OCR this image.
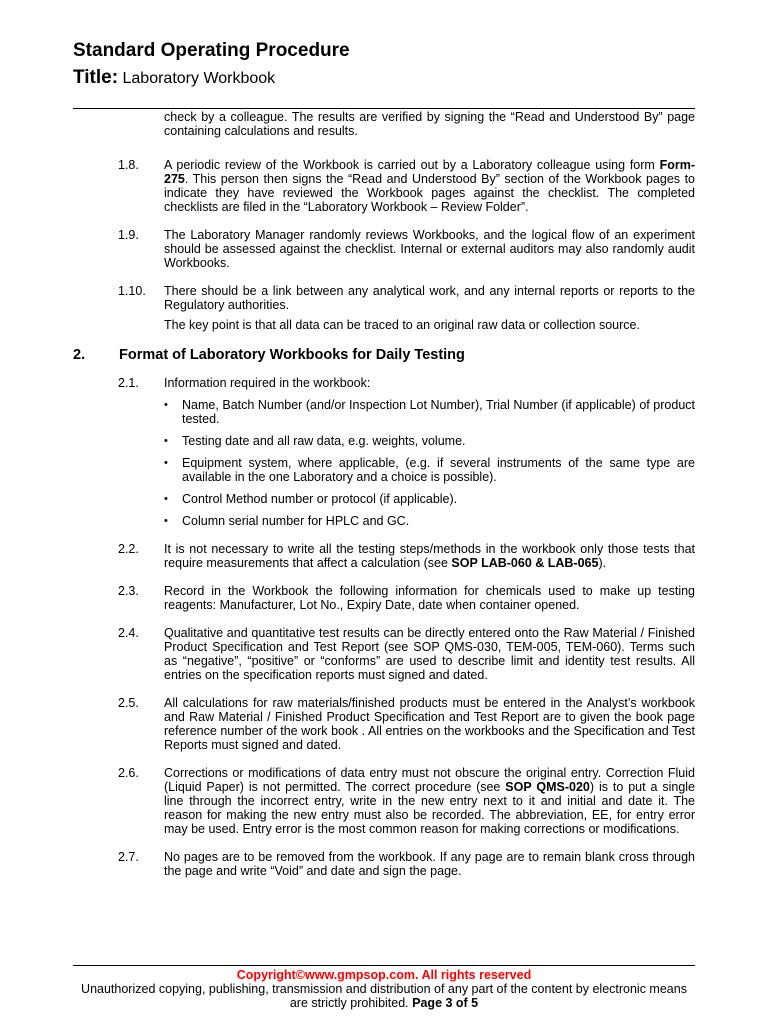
Standard Operating Procedure
Title: Laboratory Workbook
check by a colleague. The results are verified by signing the “Read and Understood By” page containing calculations and results.
1.8. A periodic review of the Workbook is carried out by a Laboratory colleague using form Form-275. This person then signs the “Read and Understood By” section of the Workbook pages to indicate they have reviewed the Workbook pages against the checklist. The completed checklists are filed in the “Laboratory Workbook – Review Folder”.
1.9. The Laboratory Manager randomly reviews Workbooks, and the logical flow of an experiment should be assessed against the checklist. Internal or external auditors may also randomly audit Workbooks.
1.10. There should be a link between any analytical work, and any internal reports or reports to the Regulatory authorities.
The key point is that all data can be traced to an original raw data or collection source.
2. Format of Laboratory Workbooks for Daily Testing
2.1. Information required in the workbook:
• Name, Batch Number (and/or Inspection Lot Number), Trial Number (if applicable) of product tested.
• Testing date and all raw data, e.g. weights, volume.
• Equipment system, where applicable, (e.g. if several instruments of the same type are available in the one Laboratory and a choice is possible).
• Control Method number or protocol (if applicable).
• Column serial number for HPLC and GC.
2.2. It is not necessary to write all the testing steps/methods in the workbook only those tests that require measurements that affect a calculation (see SOP LAB-060 & LAB-065).
2.3. Record in the Workbook the following information for chemicals used to make up testing reagents: Manufacturer, Lot No., Expiry Date, date when container opened.
2.4. Qualitative and quantitative test results can be directly entered onto the Raw Material / Finished Product Specification and Test Report (see SOP QMS-030, TEM-005, TEM-060). Terms such as “negative”, “positive” or “conforms” are used to describe limit and identity test results. All entries on the specification reports must signed and dated.
2.5. All calculations for raw materials/finished products must be entered in the Analyst’s workbook and Raw Material / Finished Product Specification and Test Report are to given the book page reference number of the work book . All entries on the workbooks and the Specification and Test Reports must signed and dated.
2.6. Corrections or modifications of data entry must not obscure the original entry. Correction Fluid (Liquid Paper) is not permitted. The correct procedure (see SOP QMS-020) is to put a single line through the incorrect entry, write in the new entry next to it and initial and date it. The reason for making the new entry must also be recorded. The abbreviation, EE, for entry error may be used. Entry error is the most common reason for making corrections or modifications.
2.7. No pages are to be removed from the workbook. If any page are to remain blank cross through the page and write “Void” and date and sign the page.
Copyright©www.gmpsop.com. All rights reserved
Unauthorized copying, publishing, transmission and distribution of any part of the content by electronic means are strictly prohibited. Page 3 of 5
